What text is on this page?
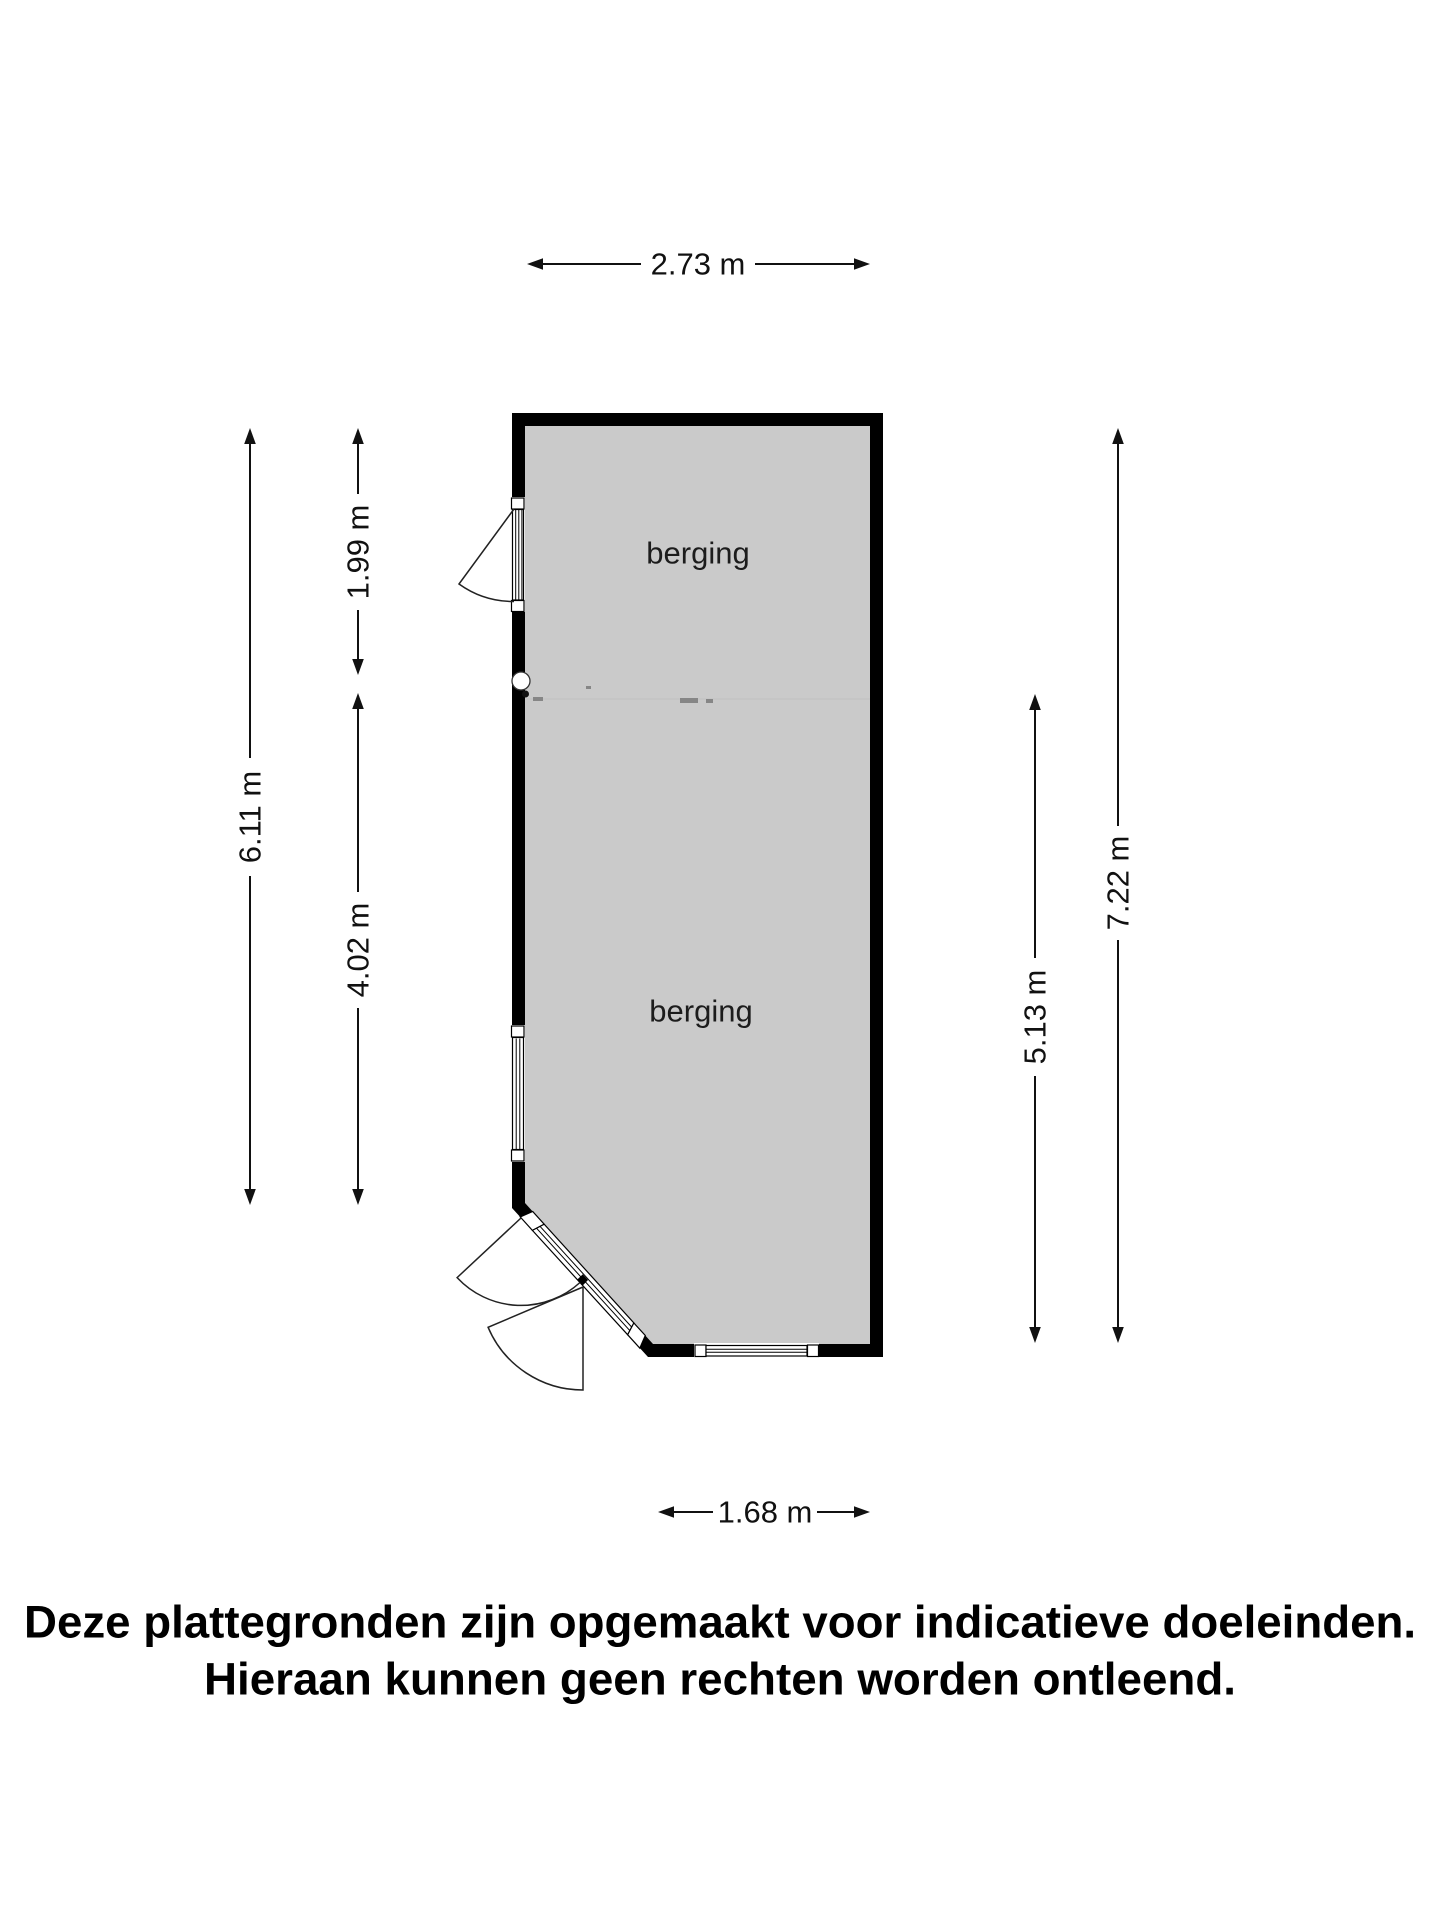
berging
berging
2.73 m
6.11 m
1.99 m
4.02 m
5.13 m
7.22 m
1.68 m
Deze plattegronden zijn opgemaakt voor indicatieve doeleinden.
Hieraan kunnen geen rechten worden ontleend.
